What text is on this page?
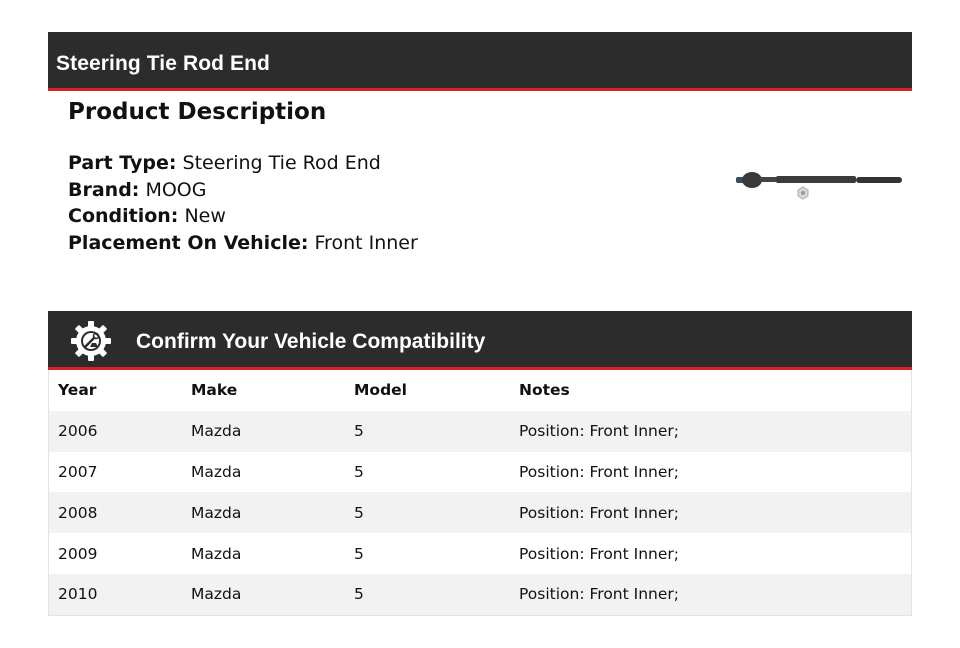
Steering Tie Rod End
Product Description
Part Type: Steering Tie Rod End
Brand: MOOG
Condition: New
Placement On Vehicle: Front Inner
Confirm Your Vehicle Compatibility
Year	Make	Model	Notes
2006	Mazda	5	Position: Front Inner;
2007	Mazda	5	Position: Front Inner;
2008	Mazda	5	Position: Front Inner;
2009	Mazda	5	Position: Front Inner;
2010	Mazda	5	Position: Front Inner;
